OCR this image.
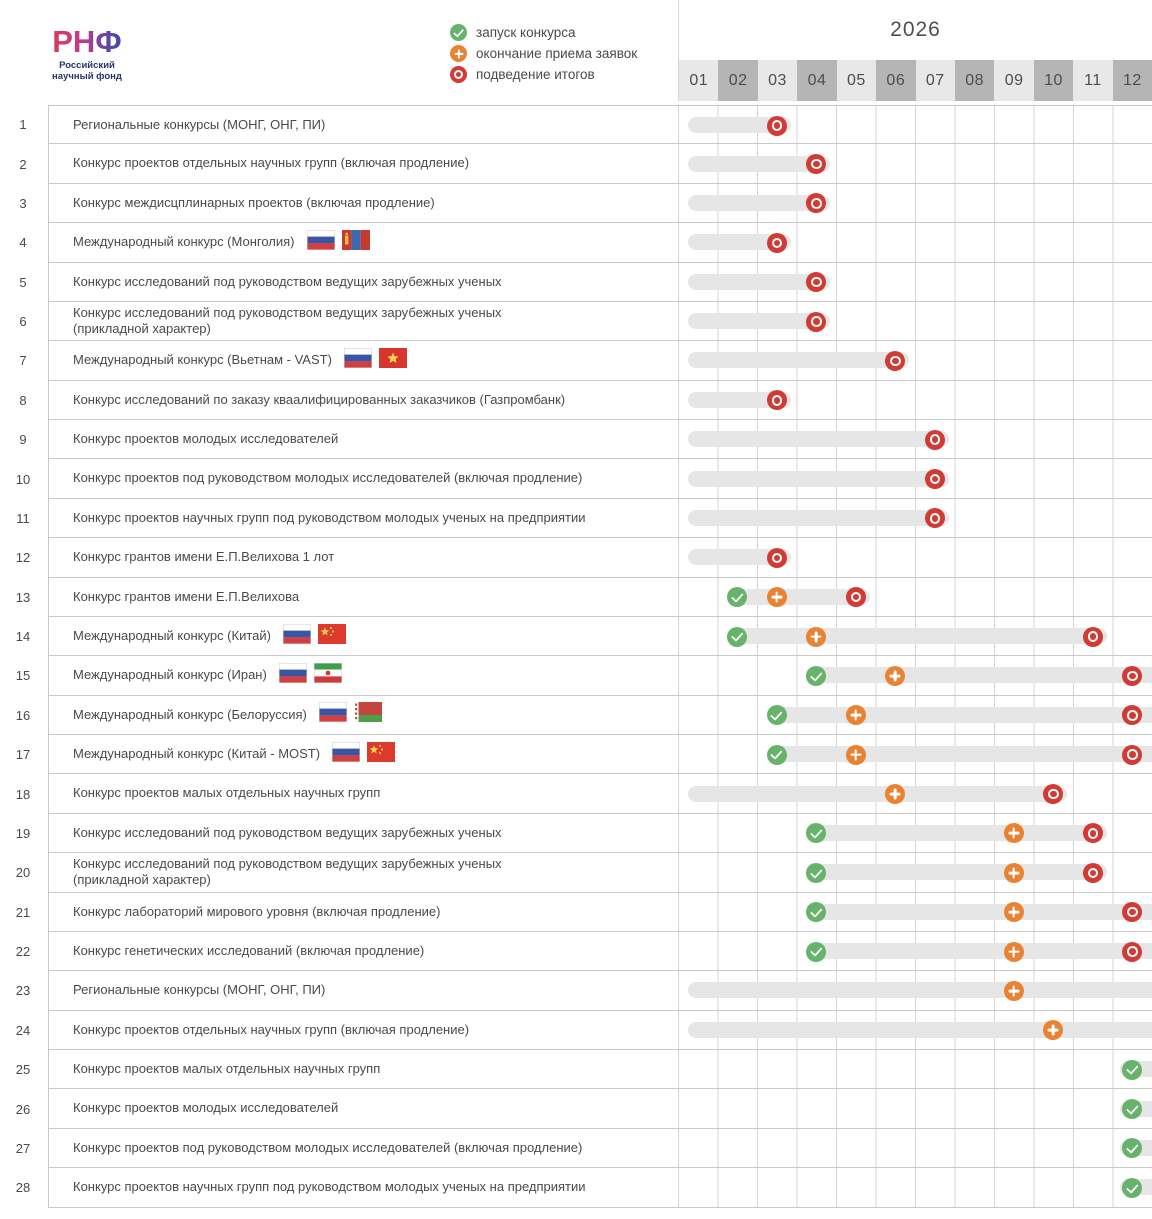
РНФ
Российский
научный фонд
запуск конкурса
окончание приема заявок
подведение итогов
2026
01	02	03	04	05	06	07	08	09	10	11	12
1	Региональные конкурсы (МОНГ, ОНГ, ПИ)
2	Конкурс проектов отдельных научных групп (включая продление)
3	Конкурс междисцплинарных проектов (включая продление)
4	Международный конкурс (Монголия)
5	Конкурс исследований под руководством ведущих зарубежных ученых
6
Конкурс исследований под руководством ведущих зарубежных ученых
(прикладной характер)
7	Международный конкурс (Вьетнам - VAST)
8	Конкурс исследований по заказу кваалифицированных заказчиков (Газпромбанк)
9	Конкурс проектов молодых исследователей
10	Конкурс проектов под руководством молодых исследователей (включая продление)
11	Конкурс проектов научных групп под руководством молодых ученых на предприятии
12	Конкурс грантов имени Е.П.Велихова 1 лот
13	Конкурс грантов имени Е.П.Велихова
14	Международный конкурс (Китай)
15	Международный конкурс (Иран)
16	Международный конкурс (Белоруссия)
17	Международный конкурс (Китай - MOST)
18	Конкурс проектов малых отдельных научных групп
19	Конкурс исследований под руководством ведущих зарубежных ученых
20
Конкурс исследований под руководством ведущих зарубежных ученых
(прикладной характер)
21	Конкурс лабораторий мирового уровня (включая продление)
22	Конкурс генетических исследований (включая продление)
23	Региональные конкурсы (МОНГ, ОНГ, ПИ)
24	Конкурс проектов отдельных научных групп (включая продление)
25	Конкурс проектов малых отдельных научных групп
26	Конкурс проектов молодых исследователей
27	Конкурс проектов под руководством молодых исследователей (включая продление)
28	Конкурс проектов научных групп под руководством молодых ученых на предприятии
